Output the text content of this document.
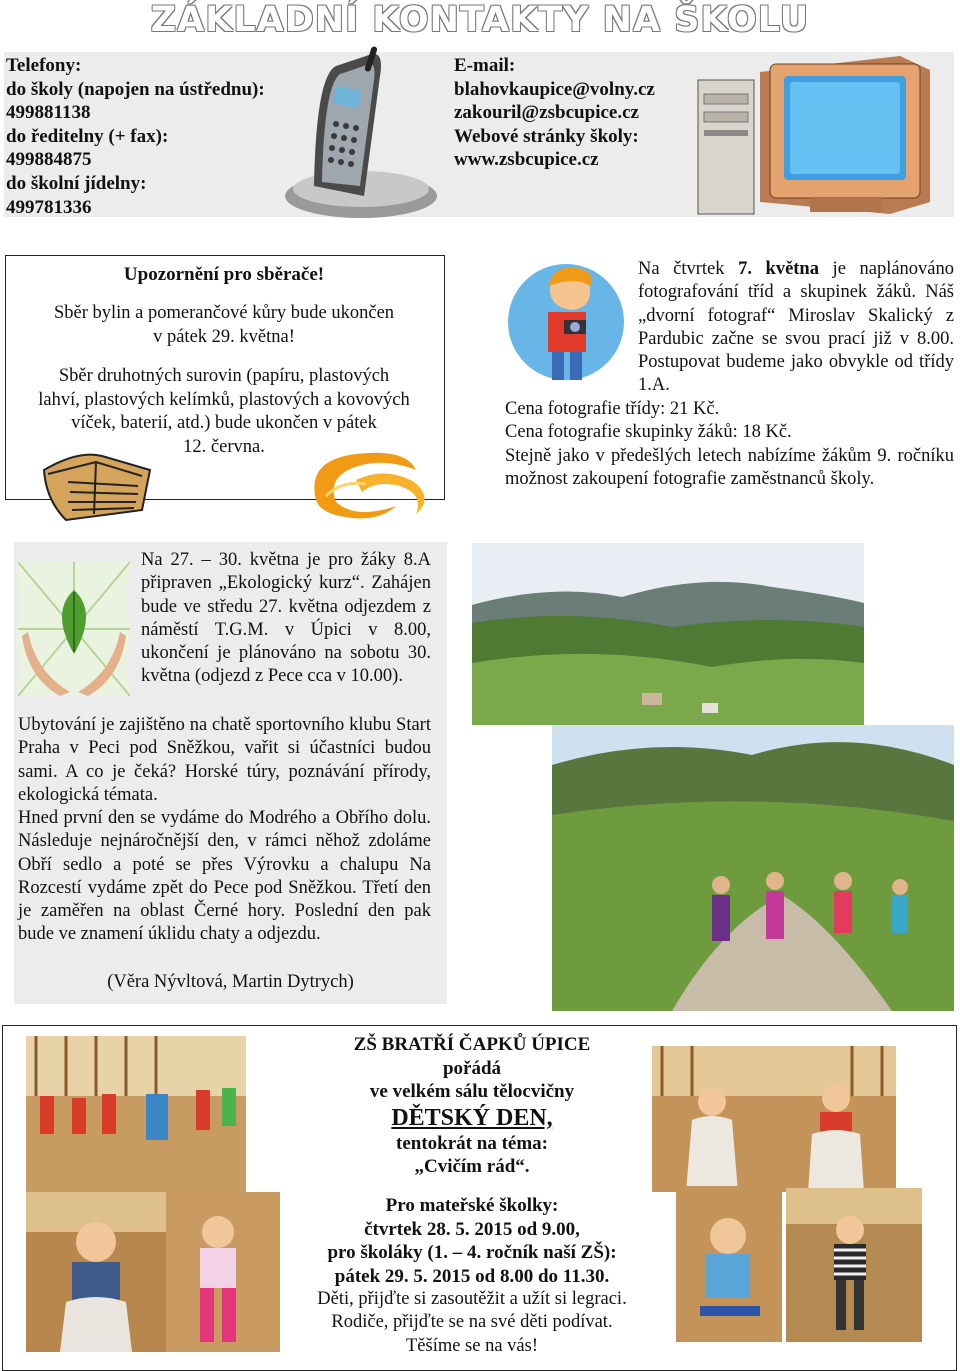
ZÁKLADNÍ KONTAKTY NA ŠKOLU
Telefony:
do školy (napojen na ústřednu):
499881138
do ředitelny (+ fax):
499884875
do školní jídelny:
499781336
E-mail:
blahovkaupice@volny.cz
zakouril@zsbcupice.cz
Webové stránky školy:
www.zsbcupice.cz
Upozornění pro sběrače!
Sběr bylin a pomerančové kůry bude ukončen
v pátek 29. května!
Sběr druhotných surovin (papíru, plastových
lahví, plastových kelímků, plastových a kovových
víček, baterií, atd.) bude ukončen v pátek
12. června.
Na čtvrtek 7. května je naplánováno fotografování tříd a skupinek žáků. Náš „dvorní fotograf“ Miroslav Skalický z Pardubic začne se svou prací již v 8.00. Postupovat budeme jako obvykle od třídy 1.A.
Cena fotografie třídy: 21 Kč.
Cena fotografie skupinky žáků: 18 Kč.
Stejně jako v předešlých letech nabízíme žákům 9. ročníku možnost zakoupení fotografie zaměstnanců školy.
Na 27. – 30. května je pro žáky 8.A připraven „Ekologický kurz“. Zahájen bude ve středu 27. května odjezdem z náměstí T.G.M. v Úpici v 8.00, ukončení je plánováno na sobotu 30. května (odjezd z Pece cca v 10.00).
Ubytování je zajištěno na chatě sportovního klubu Start Praha v Peci pod Sněžkou, vařit si účastníci budou sami. A co je čeká? Horské túry, poznávání přírody, ekologická témata.
Hned první den se vydáme do Modrého a Obřího dolu. Následuje nejnáročnější den, v rámci něhož zdoláme Obří sedlo a poté se přes Výrovku a chalupu Na Rozcestí vydáme zpět do Pece pod Sněžkou. Třetí den je zaměřen na oblast Černé hory. Poslední den pak bude ve znamení úklidu chaty a odjezdu.
(Věra Nývltová, Martin Dytrych)
ZŠ BRATŘÍ ČAPKŮ ÚPICE
pořádá
ve velkém sálu tělocvičny
DĚTSKÝ DEN,
tentokrát na téma:
„Cvičím rád“.
Pro mateřské školky:
čtvrtek 28. 5. 2015 od 9.00,
pro školáky (1. – 4. ročník naší ZŠ):
pátek 29. 5. 2015 od 8.00 do 11.30.
Děti, přijďte si zasoutěžit a užít si legraci.
Rodiče, přijďte se na své děti podívat.
Těšíme se na vás!
